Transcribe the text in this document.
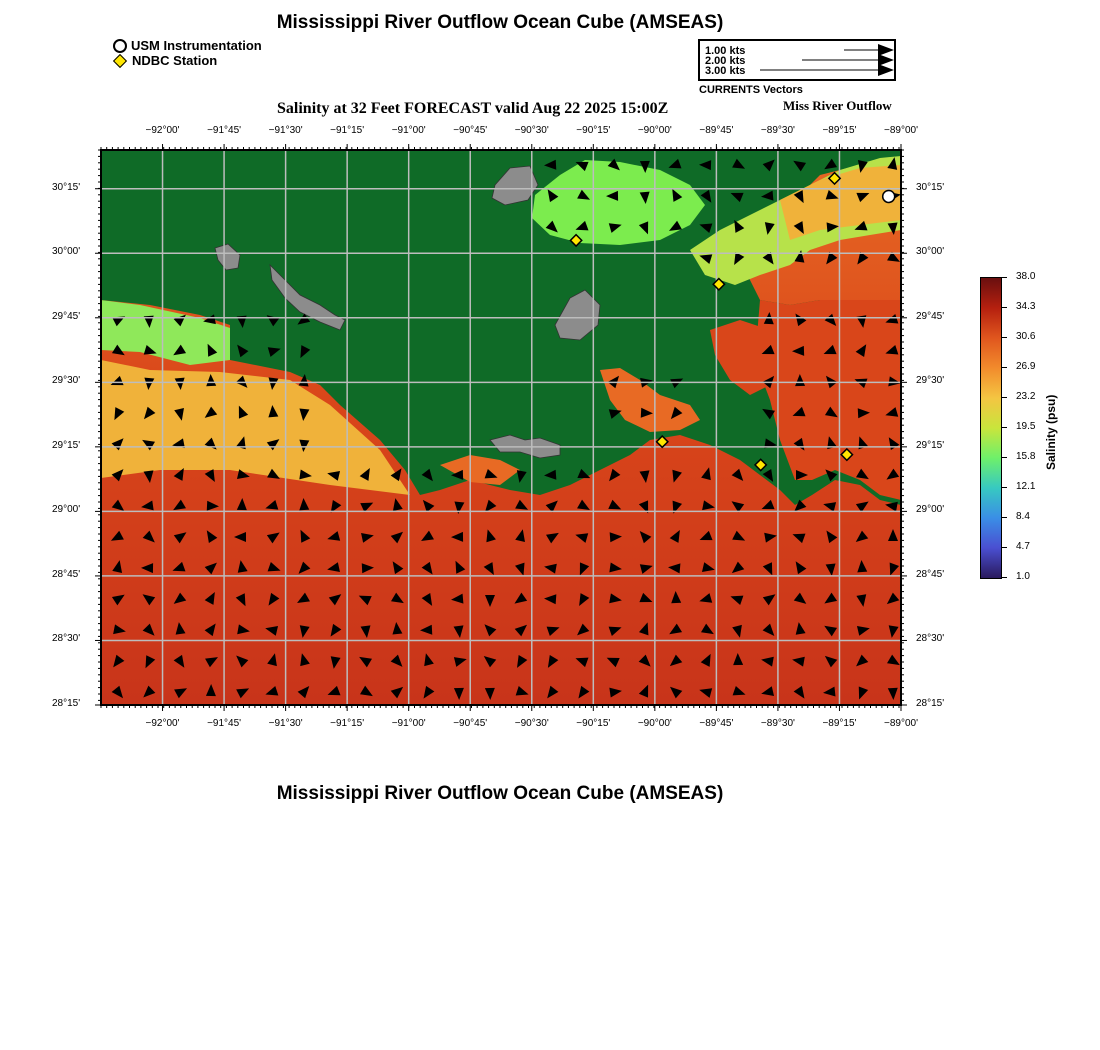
Mississippi River Outflow Ocean Cube (AMSEAS)
USM Instrumentation
NDBC Station
1.00 kts
2.00 kts
3.00 kts
CURRENTS Vectors
Salinity at 32 Feet FORECAST valid Aug 22 2025 15:00Z	Miss River Outflow
−92°00'	−91°45'	−91°30'	−91°15'	−91°00'	−90°45'	−90°30'	−90°15'	−90°00'	−89°45'	−89°30'	−89°15'	−89°00'
−92°00'	−91°45'	−91°30'	−91°15'	−91°00'	−90°45'	−90°30'	−90°15'	−90°00'	−89°45'	−89°30'	−89°15'	−89°00'
30°15'
30°00'
29°45'
29°30'
29°15'
29°00'
28°45'
28°30'
28°15'
30°15'
30°00'
29°45'
29°30'
29°15'
29°00'
28°45'
28°30'
28°15'
38.0
34.3
30.6
26.9
23.2
19.5
15.8
12.1
8.4
4.7
1.0
Salinity (psu)
Mississippi River Outflow Ocean Cube (AMSEAS)
